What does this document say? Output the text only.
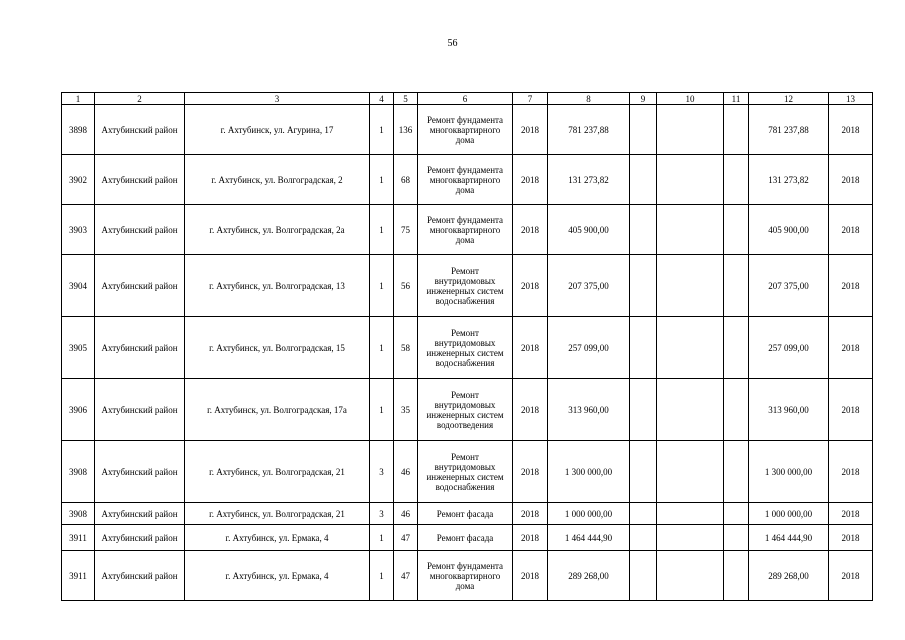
56
1	2	3	4	5	6	7	8	9	10	11	12	13
3898	Ахтубинский район	г. Ахтубинск, ул. Агурина, 17	1	136	Ремонт фундамента многоквартирного дома	2018	781 237,88				781 237,88	2018
3902	Ахтубинский район	г. Ахтубинск, ул. Волгоградская, 2	1	68	Ремонт фундамента многоквартирного дома	2018	131 273,82				131 273,82	2018
3903	Ахтубинский район	г. Ахтубинск, ул. Волгоградская, 2а	1	75	Ремонт фундамента многоквартирного дома	2018	405 900,00				405 900,00	2018
3904	Ахтубинский район	г. Ахтубинск, ул. Волгоградская, 13	1	56	Ремонт внутридомовых инженерных систем водоснабжения	2018	207 375,00				207 375,00	2018
3905	Ахтубинский район	г. Ахтубинск, ул. Волгоградская, 15	1	58	Ремонт внутридомовых инженерных систем водоснабжения	2018	257 099,00				257 099,00	2018
3906	Ахтубинский район	г. Ахтубинск, ул. Волгоградская, 17а	1	35	Ремонт внутридомовых инженерных систем водоотведения	2018	313 960,00				313 960,00	2018
3908	Ахтубинский район	г. Ахтубинск, ул. Волгоградская, 21	3	46	Ремонт внутридомовых инженерных систем водоснабжения	2018	1 300 000,00				1 300 000,00	2018
3908	Ахтубинский район	г. Ахтубинск, ул. Волгоградская, 21	3	46	Ремонт фасада	2018	1 000 000,00				1 000 000,00	2018
3911	Ахтубинский район	г. Ахтубинск, ул. Ермака, 4	1	47	Ремонт фасада	2018	1 464 444,90				1 464 444,90	2018
3911	Ахтубинский район	г. Ахтубинск, ул. Ермака, 4	1	47	Ремонт фундамента многоквартирного дома	2018	289 268,00				289 268,00	2018
